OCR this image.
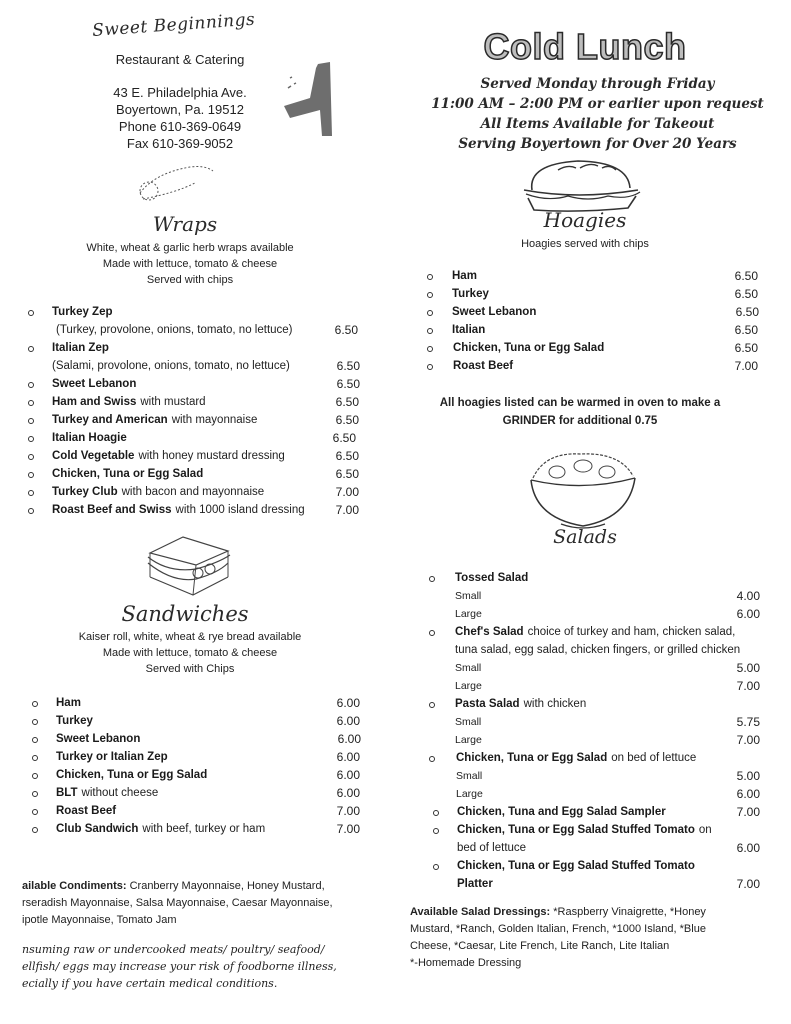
Sweet Beginnings
Restaurant & Catering
43 E. Philadelphia Ave.
Boyertown, Pa. 19512
Phone 610-369-0649
Fax 610-369-9052
Wraps
White, wheat & garlic herb wraps available
Made with lettuce, tomato & cheese
Served with chips
Turkey Zep
(Turkey, provolone, onions, tomato, no lettuce)	6.50
Italian Zep
(Salami, provolone, onions, tomato, no lettuce)	6.50
Sweet Lebanon	6.50
Ham and Swiss with mustard	6.50
Turkey and American with mayonnaise	6.50
Italian Hoagie	6.50
Cold Vegetable with honey mustard dressing	6.50
Chicken, Tuna or Egg Salad	6.50
Turkey Club with bacon and mayonnaise	7.00
Roast Beef and Swiss with 1000 island dressing	7.00
Sandwiches
Kaiser roll, white, wheat & rye bread available
Made with lettuce, tomato & cheese
Served with Chips
Ham	6.00
Turkey	6.00
Sweet Lebanon	6.00
Turkey or Italian Zep	6.00
Chicken, Tuna or Egg Salad	6.00
BLT without cheese	6.00
Roast Beef	7.00
Club Sandwich with beef, turkey or ham	7.00
ailable Condiments: Cranberry Mayonnaise, Honey Mustard,
rseradish Mayonnaise, Salsa Mayonnaise, Caesar Mayonnaise,
ipotle Mayonnaise, Tomato Jam
nsuming raw or undercooked meats/ poultry/ seafood/
ellfish/ eggs may increase your risk of foodborne illness,
ecially if you have certain medical conditions.
Cold Lunch
Served Monday through Friday
11:00 AM – 2:00 PM or earlier upon request
All Items Available for Takeout
Serving Boyertown for Over 20 Years
Hoagies
Hoagies served with chips
Ham	6.50
Turkey	6.50
Sweet Lebanon	6.50
Italian	6.50
Chicken, Tuna or Egg Salad	6.50
Roast Beef	7.00
All hoagies listed can be warmed in oven to make a
GRINDER for additional 0.75
Salads
Tossed Salad
Small	4.00
Large	6.00
Chef's Salad choice of turkey and ham, chicken salad,
tuna salad, egg salad, chicken fingers, or grilled chicken
Small	5.00
Large	7.00
Pasta Salad with chicken
Small	5.75
Large	7.00
Chicken, Tuna or Egg Salad on bed of lettuce
Small	5.00
Large	6.00
Chicken, Tuna and Egg Salad Sampler	7.00
Chicken, Tuna or Egg Salad Stuffed Tomato on
bed of lettuce	6.00
Chicken, Tuna or Egg Salad Stuffed Tomato
Platter	7.00
Available Salad Dressings: *Raspberry Vinaigrette, *Honey
Mustard, *Ranch, Golden Italian, French, *1000 Island, *Blue
Cheese, *Caesar, Lite French, Lite Ranch, Lite Italian
*-Homemade Dressing
